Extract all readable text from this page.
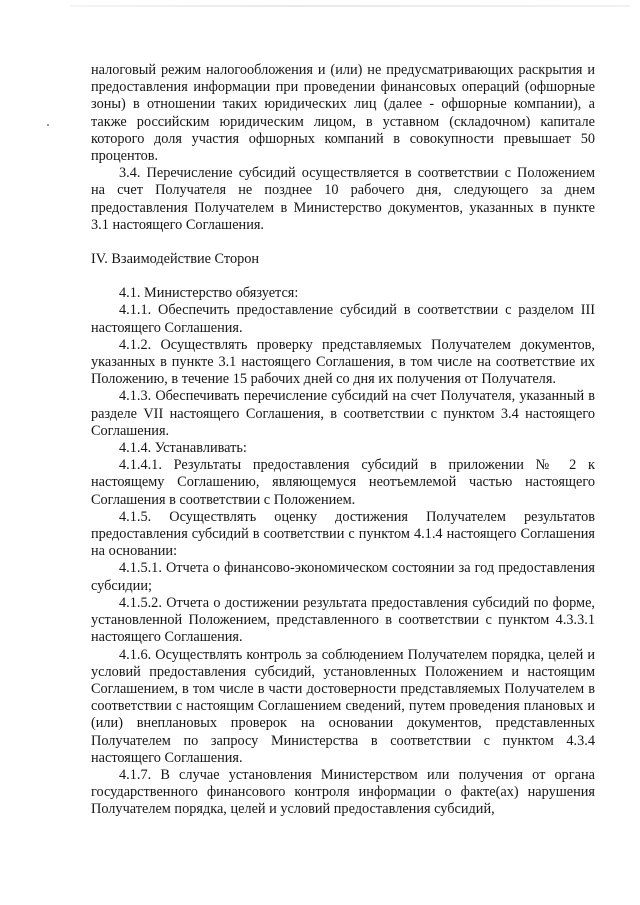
налоговый режим налогообложения и (или) не предусматривающих раскрытия и предоставления информации при проведении финансовых операций (офшорные зоны) в отношении таких юридических лиц (далее - офшорные компании), а также российским юридическим лицом, в уставном (складочном) капитале которого доля участия офшорных компаний в совокупности превышает 50 процентов.

3.4. Перечисление субсидий осуществляется в соответствии с Положением на счет Получателя не позднее 10 рабочего дня, следующего за днем предоставления Получателем в Министерство документов, указанных в пункте 3.1 настоящего Соглашения.

IV. Взаимодействие Сторон

4.1. Министерство обязуется:

4.1.1. Обеспечить предоставление субсидий в соответствии с разделом III настоящего Соглашения.

4.1.2. Осуществлять проверку представляемых Получателем документов, указанных в пункте 3.1 настоящего Соглашения, в том числе на соответствие их Положению, в течение 15 рабочих дней со дня их получения от Получателя.

4.1.3. Обеспечивать перечисление субсидий на счет Получателя, указанный в разделе VII настоящего Соглашения, в соответствии с пунктом 3.4 настоящего Соглашения.

4.1.4. Устанавливать:

4.1.4.1. Результаты предоставления субсидий в приложении № 2 к настоящему Соглашению, являющемуся неотъемлемой частью настоящего Соглашения в соответствии с Положением.

4.1.5. Осуществлять оценку достижения Получателем результатов предоставления субсидий в соответствии с пунктом 4.1.4 настоящего Соглашения на основании:

4.1.5.1. Отчета о финансово-экономическом состоянии за год предоставления субсидии;

4.1.5.2. Отчета о достижении результата предоставления субсидий по форме, установленной Положением, представленного в соответствии с пунктом 4.3.3.1 настоящего Соглашения.

4.1.6. Осуществлять контроль за соблюдением Получателем порядка, целей и условий предоставления субсидий, установленных Положением и настоящим Соглашением, в том числе в части достоверности представляемых Получателем в соответствии с настоящим Соглашением сведений, путем проведения плановых и (или) внеплановых проверок на основании документов, представленных Получателем по запросу Министерства в соответствии с пунктом 4.3.4 настоящего Соглашения.

4.1.7. В случае установления Министерством или получения от органа государственного финансового контроля информации о факте(ах) нарушения Получателем порядка, целей и условий предоставления субсидий,
